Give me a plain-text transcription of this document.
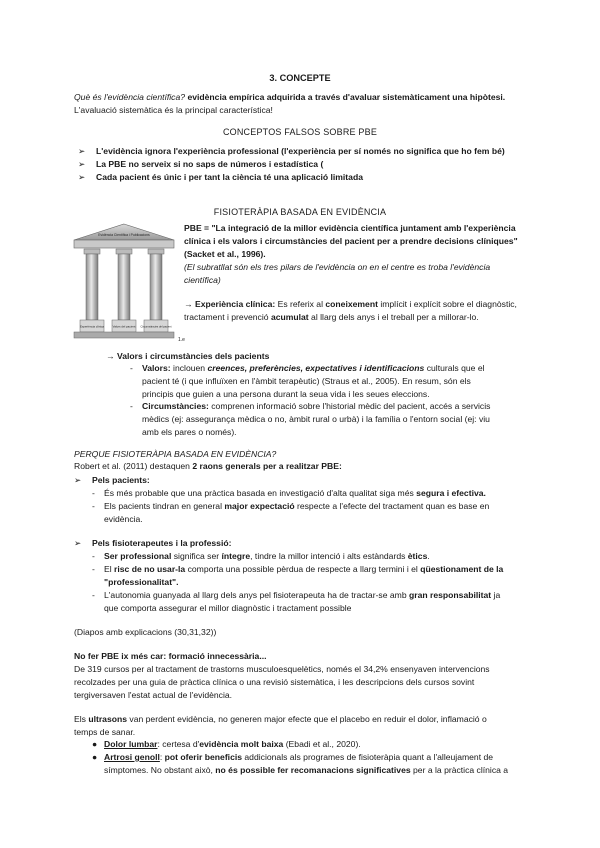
3. CONCEPTE
Què és l'evidència científica? evidència empírica adquirida a través d'avaluar sistemàticament una hipòtesi.
L'avaluació sistemàtica és la principal característica!
CONCEPTOS FALSOS SOBRE PBE
➢ L'evidència ignora l'experiència professional (l'experiència per sí només no significa que ho fem bé)
➢ La PBE no serveix si no saps de números i estadística (
➢ Cada pacient és únic i per tant la ciència té una aplicació limitada
FISIOTERÀPIA BASADA EN EVIDÈNCIA
Evidència Científica i Publicacions
Experiència clínica	Valors del pacient Circumstàncies del pacient
1.e
PBE = "La integració de la millor evidència científica juntament amb l'experiència
clínica i els valors i circumstàncies del pacient per a prendre decisions clíniques"
(Sacket et al., 1996).
(El subratllat són els tres pilars de l'evidència on en el centre es troba l'evidència
científica)
→ Experiència clínica: Es referix al coneixement implícit i explícit sobre el diagnòstic,
tractament i prevenció acumulat al llarg dels anys i el treball per a millorar-lo.
→ Valors i circumstàncies dels pacients
- Valors: inclouen creences, preferències, expectatives i identificacions culturals que el
pacient té (i que influïxen en l'àmbit terapèutic) (Straus et al., 2005). En resum, són els
principis que guien a una persona durant la seua vida i les seues eleccions.
- Circumstàncies: comprenen informació sobre l'historial mèdic del pacient, accés a servicis
mèdics (ej: assegurança mèdica o no, àmbit rural o urbà) i la família o l'entorn social (ej: viu
amb els pares o només).
PERQUE FISIOTERÀPIA BASADA EN EVIDÈNCIA?
Robert et al. (2011) destaquen 2 raons generals per a realitzar PBE:
➢ Pels pacients:
- És més probable que una pràctica basada en investigació d'alta qualitat siga més segura i efectiva.
- Els pacients tindran en general major expectació respecte a l'efecte del tractament quan es base en
evidència.
➢ Pels fisioterapeutes i la professió:
- Ser professional significa ser íntegre, tindre la millor intenció i alts estàndards ètics.
- El risc de no usar-la comporta una possible pèrdua de respecte a llarg termini i el qüestionament de la
"professionalitat".
- L'autonomia guanyada al llarg dels anys pel fisioterapeuta ha de tractar-se amb gran responsabilitat ja
que comporta assegurar el millor diagnòstic i tractament possible
(Diapos amb explicacions (30,31,32))
No fer PBE ix més car: formació innecessària...
De 319 cursos per al tractament de trastorns musculoesquelètics, només el 34,2% ensenyaven intervencions
recolzades per una guia de pràctica clínica o una revisió sistemàtica, i les descripcions dels cursos sovint
tergiversaven l'estat actual de l'evidència.
Els ultrasons van perdent evidència, no generen major efecte que el placebo en reduir el dolor, inflamació o
temps de sanar.
● Dolor lumbar: certesa d'evidència molt baixa (Ebadi et al., 2020).
● Artrosi genoll: pot oferir beneficis addicionals als programes de fisioteràpia quant a l'alleujament de
símptomes. No obstant això, no és possible fer recomanacions significatives per a la pràctica clínica a
